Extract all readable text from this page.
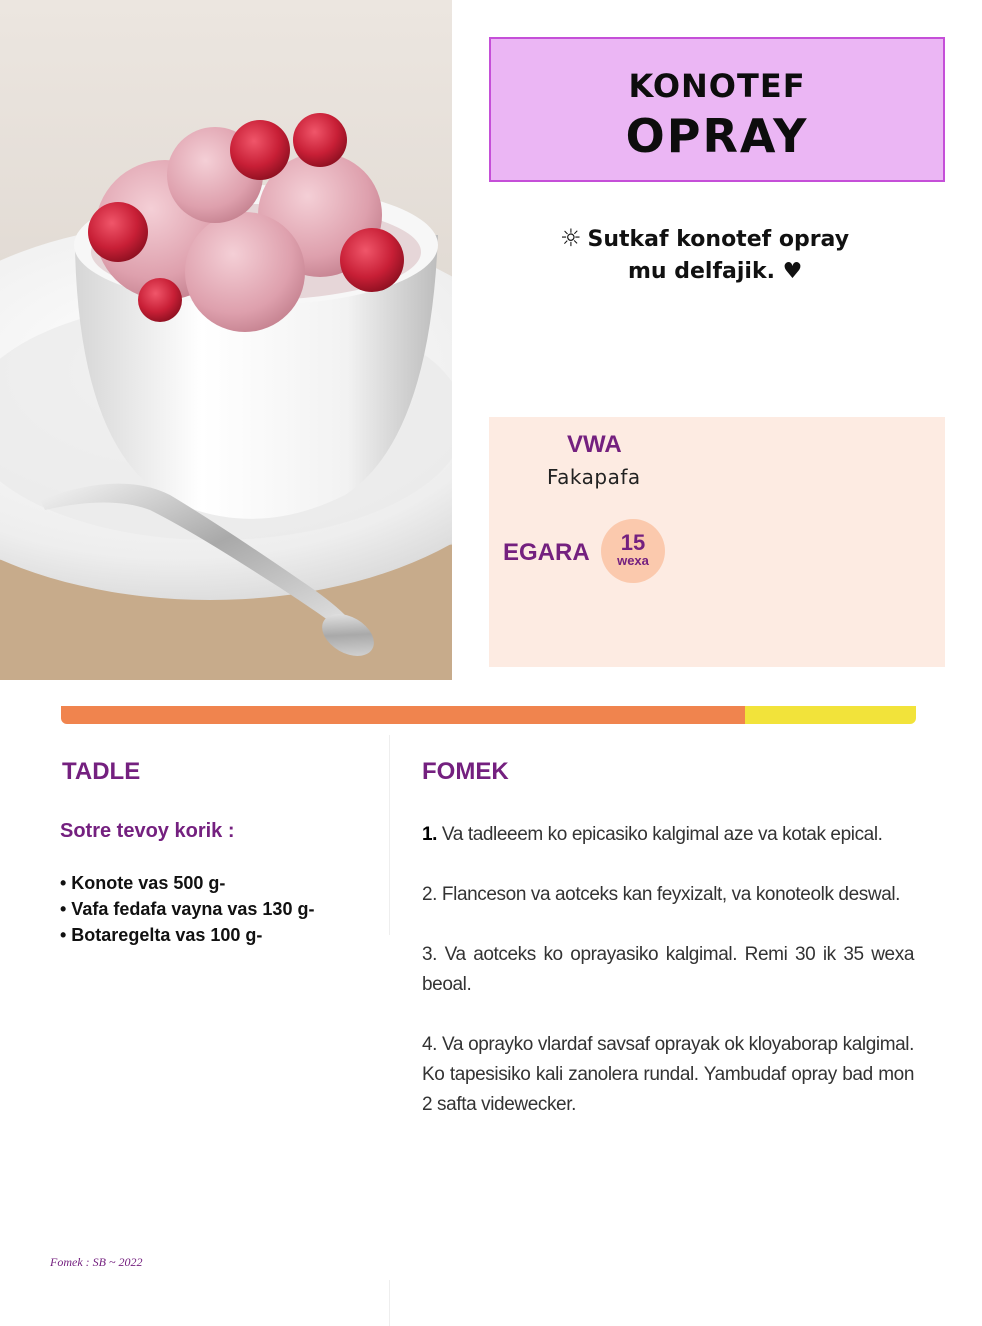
KONOTEF
OPRAY
☼ Sutkaf konotef opray
mu delfajik. ♥
VWA
Fakapafa
EGARA	15
wexa
TADLE
Sotre tevoy korik :
• Konote vas 500 g-
• Vafa fedafa vayna vas 130 g-
• Botaregelta vas 100 g-
FOMEK

1. Va tadleeem ko epicasiko kalgimal aze va kotak epical.

2. Flanceson va aotceks kan feyxizalt, va konoteolk deswal.

3. Va aotceks ko oprayasiko kalgimal. Remi 30 ik 35 wexa beoal.

4. Va oprayko vlardaf savsaf oprayak ok kloyaborap kalgimal. Ko tapesisiko kali zanolera rundal. Yambudaf opray bad mon 2 safta videwecker.

Fomek : SB ~ 2022
